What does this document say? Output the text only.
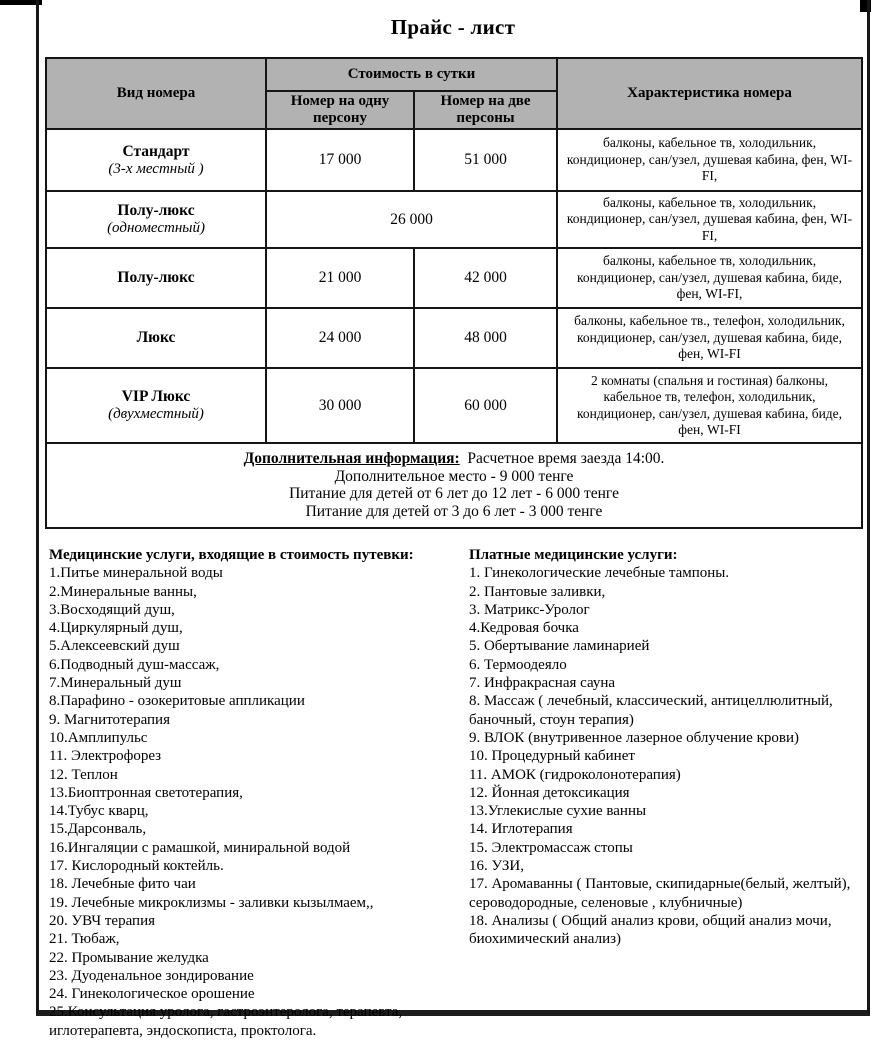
Прайс - лист
Вид номера	Стоимость в сутки		Характеристика номера
	Номер на одну персону	Номер на две персоны	

Стандарт
(3-х местный )	17 000	51 000	балконы, кабельное тв, холодильник, кондиционер, сан/узел, душевая кабина, фен, WI-FI,

Полу-люкс
(одноместный)	26 000		балконы, кабельное тв, холодильник, кондиционер, сан/узел, душевая кабина, фен, WI-FI,

Полу-люкс	21 000	42 000	балконы, кабельное тв, холодильник, кондиционер, сан/узел, душевая кабина, биде, фен, WI-FI,

Люкс	24 000	48 000	балконы, кабельное тв., телефон, холодильник, кондиционер, сан/узел, душевая кабина, биде, фен, WI-FI

VIP Люкс
(двухместный)	30 000	60 000	2 комнаты (спальня и гостиная) балконы, кабельное тв, телефон, холодильник, кондиционер, сан/узел, душевая кабина, биде, фен, WI-FI

Дополнительная информация: Расчетное время заезда 14:00.
Дополнительное место - 9 000 тенге
Питание для детей от 6 лет до 12 лет - 6 000 тенге
Питание для детей от 3 до 6 лет - 3 000 тенге			
Медицинские услуги, входящие в стоимость путевки:
1.Питье минеральной воды
2.Минеральные ванны,
3.Восходящий душ,
4.Циркулярный душ,
5.Алексеевский душ
6.Подводный душ-массаж,
7.Минеральный душ
8.Парафино - озокеритовые аппликации
9. Магнитотерапия
10.Амплипульс
11. Электрофорез
12. Теплон
13.Биоптронная светотерапия,
14.Тубус кварц,
15.Дарсонваль,
16.Ингаляции с рамашкой, миниральной водой
17. Кислородный коктейль.
18. Лечебные фито чаи
19. Лечебные микроклизмы - заливки кызылмаем,,
20. УВЧ терапия
21. Тюбаж,
22. Промывание желудка
23. Дуоденальное зондирование
24. Гинекологическое орошение
25.Консультация уролога, гастроэнтеролога, терапевта, иглотерапевта, эндоскописта, проктолога.
Платные медицинские услуги:
1. Гинекологические лечебные тампоны.
2. Пантовые заливки,
3. Матрикс-Уролог
4.Кедровая бочка
5. Обертывание ламинарией
6. Термоодеяло
7. Инфракрасная сауна
8. Массаж ( лечебный, классический, антицеллюлитный, баночный, стоун терапия)
9. ВЛОК (внутривенное лазерное облучение крови)
10. Процедурный кабинет
11. АМОК (гидроколонотерапия)
12. Йонная детоксикация
13.Углекислые сухие ванны
14. Иглотерапия
15. Электромассаж стопы
16. УЗИ,
17. Аромаванны ( Пантовые, скипидарные(белый, желтый), сероводородные, селеновые , клубничные)
18. Анализы ( Общий анализ крови, общий анализ мочи, биохимический анализ)
